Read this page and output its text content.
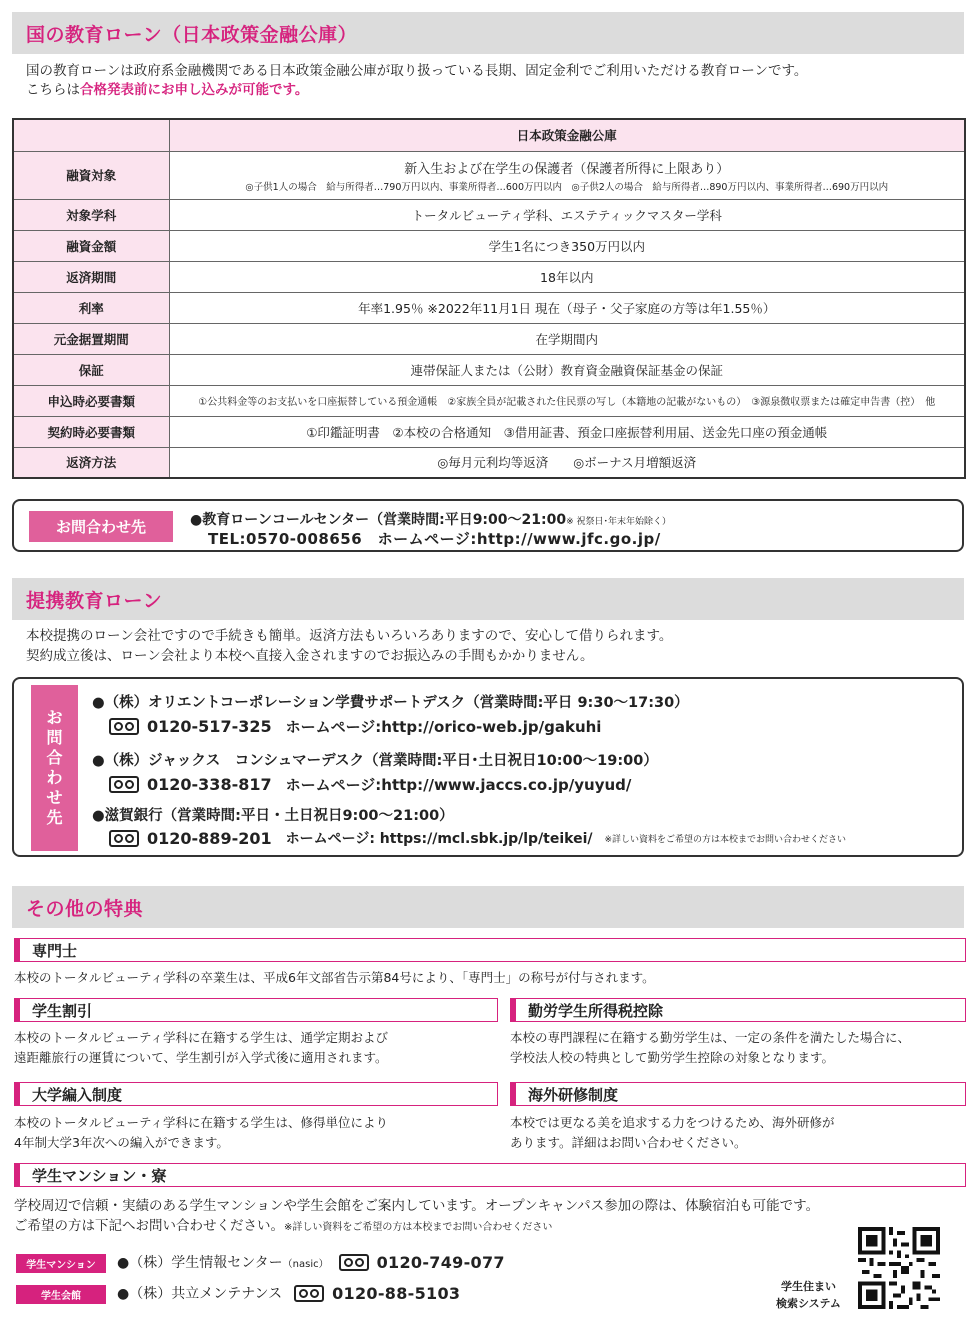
国の教育ローン（日本政策金融公庫）
国の教育ローンは政府系金融機関である日本政策金融公庫が取り扱っている長期、固定金利でご利用いただける教育ローンです。
こちらは合格発表前にお申し込みが可能です。
	日本政策金融公庫
融資対象	新入生および在学生の保護者（保護者所得に上限あり）
◎子供1人の場合　給与所得者…790万円以内、事業所得者…600万円以内　◎子供2人の場合　給与所得者…890万円以内、事業所得者…690万円以内

対象学科	トータルビューティ学科、エステティックマスター学科
融資金額	学生1名につき350万円以内
返済期間	18年以内
利率	年率1.95％ ※2022年11月1日 現在（母子・父子家庭の方等は年1.55％）
元金据置期間	在学期間内
保証	連帯保証人または（公財）教育資金融資保証基金の保証
申込時必要書類	①公共料金等のお支払いを口座振替している預金通帳　②家族全員が記載された住民票の写し（本籍地の記載がないもの）　③源泉徴収票または確定申告書（控）　他
契約時必要書類	①印鑑証明書　②本校の合格通知　③借用証書、預金口座振替利用届、送金先口座の預金通帳
返済方法	◎毎月元利均等返済　　◎ボーナス月増額返済
お問合わせ先	●教育ローンコールセンター（営業時間:平日9:00～21:00※ 祝祭日･年末年始除く）
TEL:0570-008656　ホームページ:http://www.jfc.go.jp/
提携教育ローン
本校提携のローン会社ですので手続きも簡単。返済方法もいろいろありますので、安心して借りられます。
契約成立後は、ローン会社より本校へ直接入金されますのでお振込みの手間もかかりません。
お
問
合
わ
せ
先
●（株）オリエントコーポレーション学費サポートデスク（営業時間:平日 9:30～17:30）
0120-517-325 ホームページ:http://orico-web.jp/gakuhi
●（株）ジャックス　コンシュマーデスク（営業時間:平日･土日祝日10:00～19:00）
0120-338-817 ホームページ:http://www.jaccs.co.jp/yuyud/
●滋賀銀行（営業時間:平日・土日祝日9:00～21:00）
0120-889-201 ホームページ: https://mcl.sbk.jp/lp/teikei/ ※詳しい資料をご希望の方は本校までお問い合わせください
その他の特典
専門士
本校のトータルビューティ学科の卒業生は、平成6年文部省告示第84号により、「専門士」の称号が付与されます。
学生割引
本校のトータルビューティ学科に在籍する学生は、通学定期および
遠距離旅行の運賃について、学生割引が入学式後に適用されます。
勤労学生所得税控除
本校の専門課程に在籍する勤労学生は、一定の条件を満たした場合に、
学校法人校の特典として勤労学生控除の対象となります。
大学編入制度
本校のトータルビューティ学科に在籍する学生は、修得単位により
4年制大学3年次への編入ができます。
海外研修制度
本校では更なる美を追求する力をつけるため、海外研修が
あります。詳細はお問い合わせください。
学生マンション・寮
学校周辺で信頼・実績のある学生マンションや学生会館をご案内しています。オープンキャンパス参加の際は、体験宿泊も可能です。
ご希望の方は下記へお問い合わせください。※詳しい資料をご希望の方は本校までお問い合わせください
学生マンション	●（株）学生情報センター （nasic）	0120-749-077
学生会館	●（株）共立メンテナンス	0120-88-5103	学生住まい
検索システム
